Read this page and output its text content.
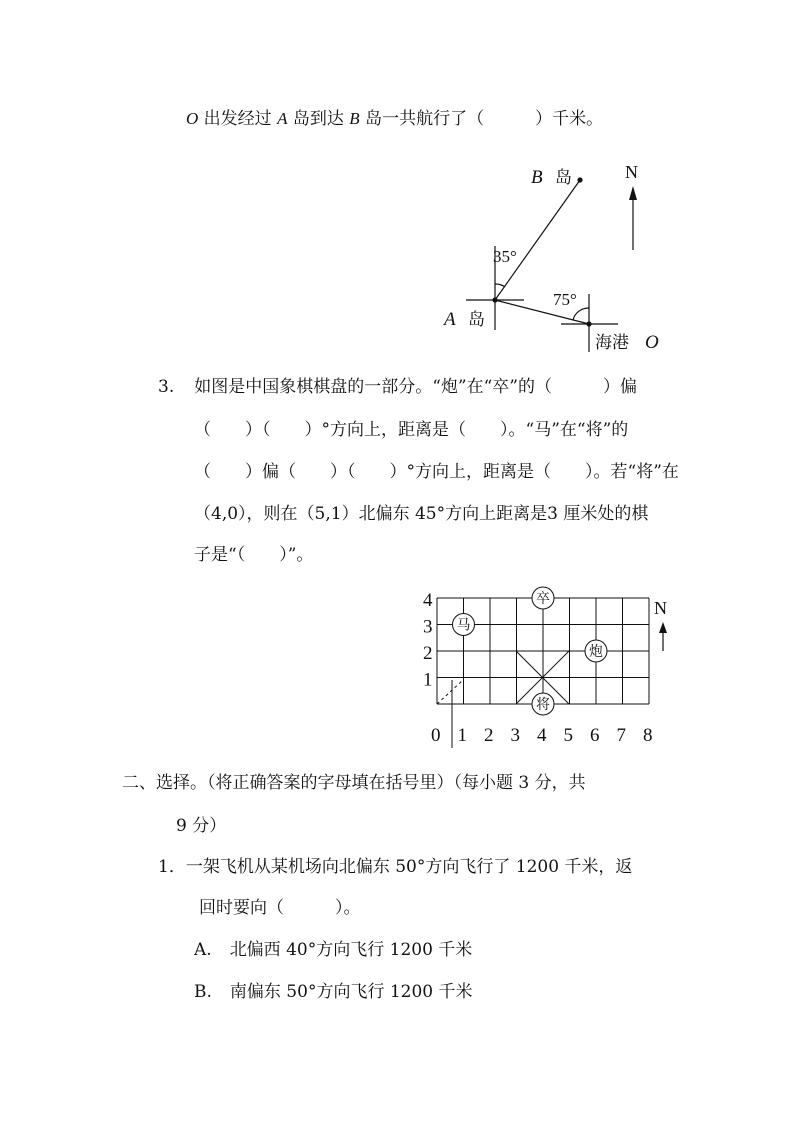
O 出发经过 A 岛到达 B 岛一共航行了（　　　）千米。
B 岛
A 岛
海港 O
35°
75°
N
3. 如图是中国象棋棋盘的一部分。“炮”在“卒”的（　　　）偏
（　　）（　　）°方向上，距离是（　　）。“马”在“将”的
（　　）偏（　　）（　　）°方向上，距离是（　　）。若“将”在
（4,0），则在（5,1）北偏东 45°方向上距离是3 厘米处的棋
子是“（　　）”。
4
3
2
1
0 1 2 3 4 5 6 7 8
卒
马
炮
将
N
二、选择。（将正确答案的字母填在括号里）（每小题 3 分，共
9 分）
1．一架飞机从某机场向北偏东 50°方向飞行了 1200 千米，返
回时要向（　　　）。
A. 北偏西 40°方向飞行 1200 千米
B. 南偏东 50°方向飞行 1200 千米
